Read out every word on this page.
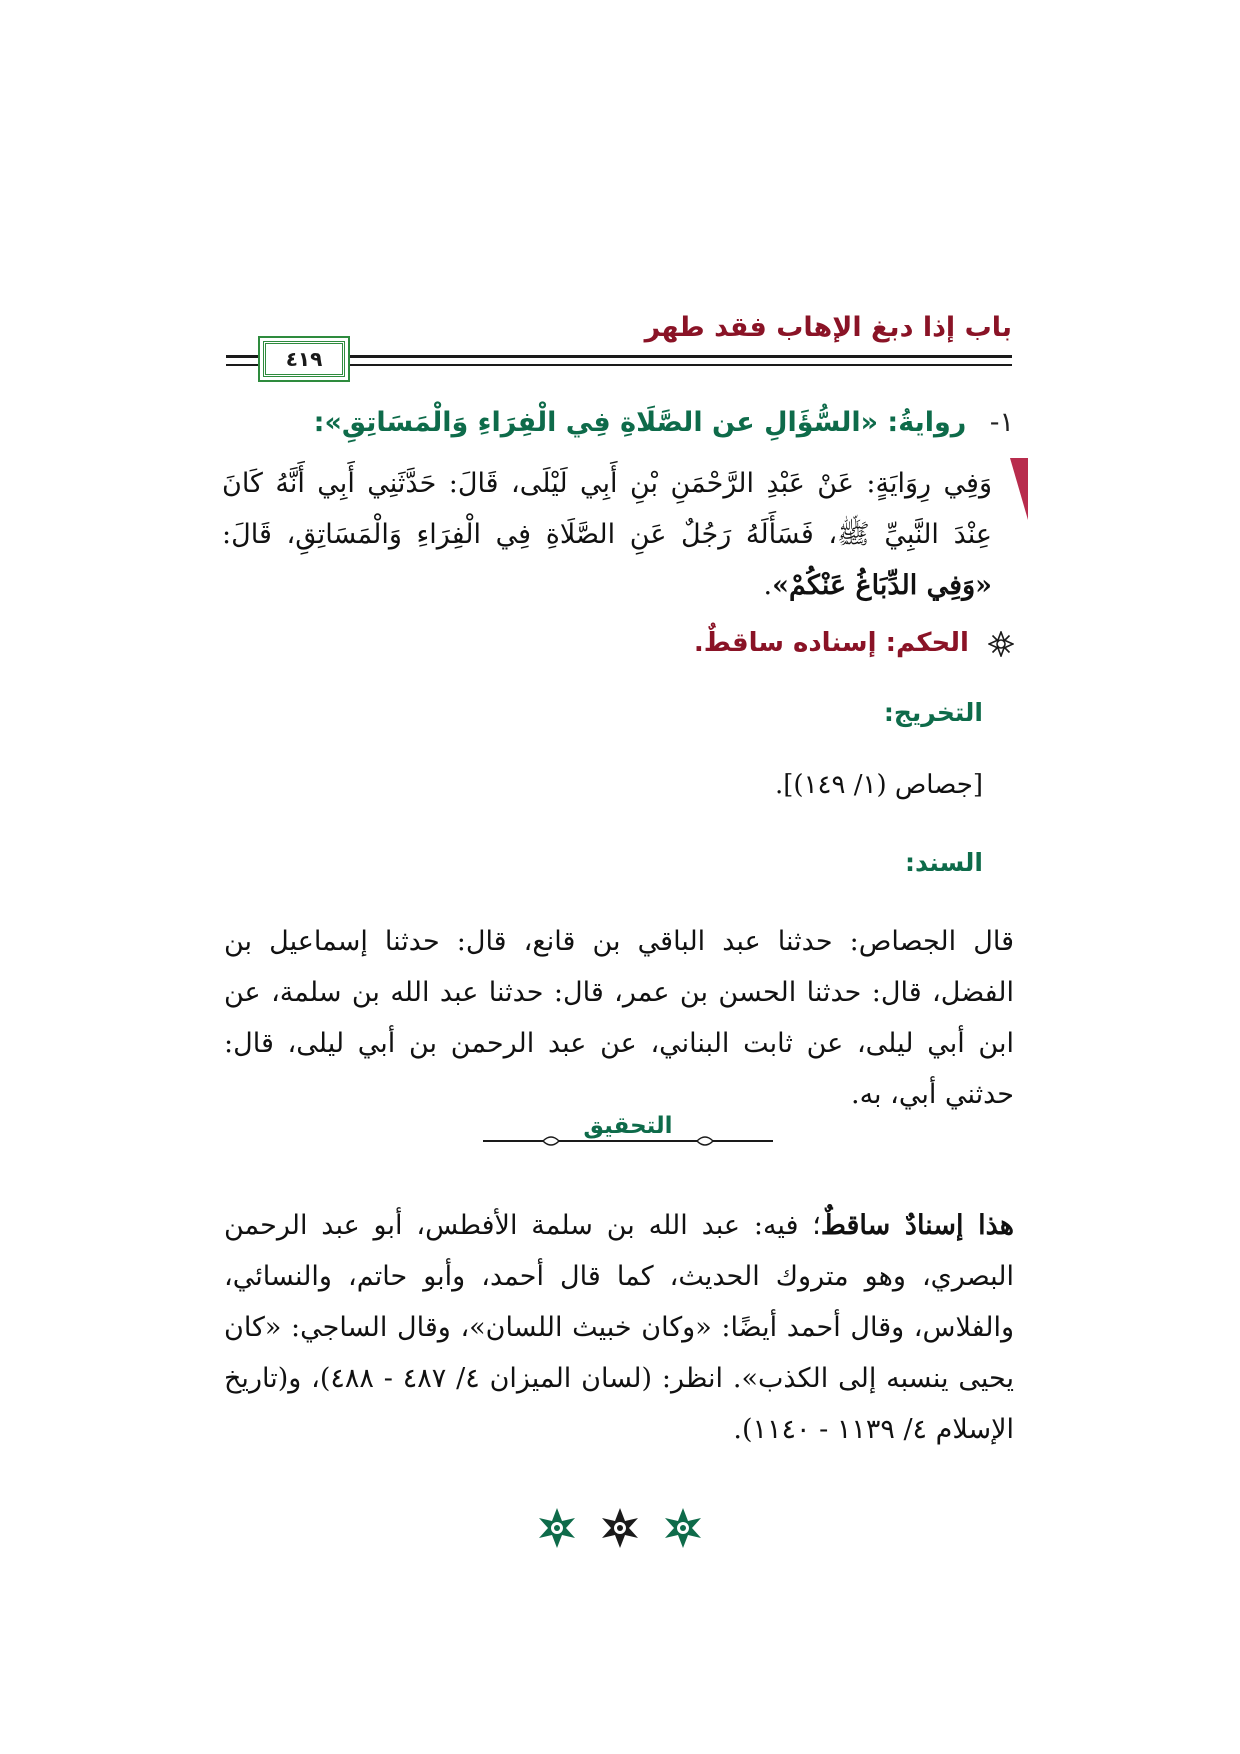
باب إذا دبغ الإهاب فقد طهر
٤١٩
١- روايةُ: «السُّؤَالِ عن الصَّلَاةِ فِي الْفِرَاءِ وَالْمَسَاتِقِ»:
وَفِي رِوَايَةٍ: عَنْ عَبْدِ الرَّحْمَنِ بْنِ أَبِي لَيْلَى، قَالَ: حَدَّثَنِي أَبِي أَنَّهُ كَانَ عِنْدَ النَّبِيِّ ﷺ، فَسَأَلَهُ رَجُلٌ عَنِ الصَّلَاةِ فِي الْفِرَاءِ وَالْمَسَاتِقِ، قَالَ: «وَفِي الدِّبَاغُ عَنْكُمْ».
الحكم: إسناده ساقطٌ.
التخريج:
[جصاص (١/ ١٤٩)].
السند:
قال الجصاص: حدثنا عبد الباقي بن قانع، قال: حدثنا إسماعيل بن الفضل، قال: حدثنا الحسن بن عمر، قال: حدثنا عبد الله بن سلمة، عن ابن أبي ليلى، عن ثابت البناني، عن عبد الرحمن بن أبي ليلى، قال: حدثني أبي، به.
التحقيق
هذا إسنادٌ ساقطٌ؛ فيه: عبد الله بن سلمة الأفطس، أبو عبد الرحمن البصري، وهو متروك الحديث، كما قال أحمد، وأبو حاتم، والنسائي، والفلاس، وقال أحمد أيضًا: «وكان خبيث اللسان»، وقال الساجي: «كان يحيى ينسبه إلى الكذب». انظر: (لسان الميزان ٤/ ٤٨٧ - ٤٨٨)، و(تاريخ الإسلام ٤/ ١١٣٩ - ١١٤٠).
